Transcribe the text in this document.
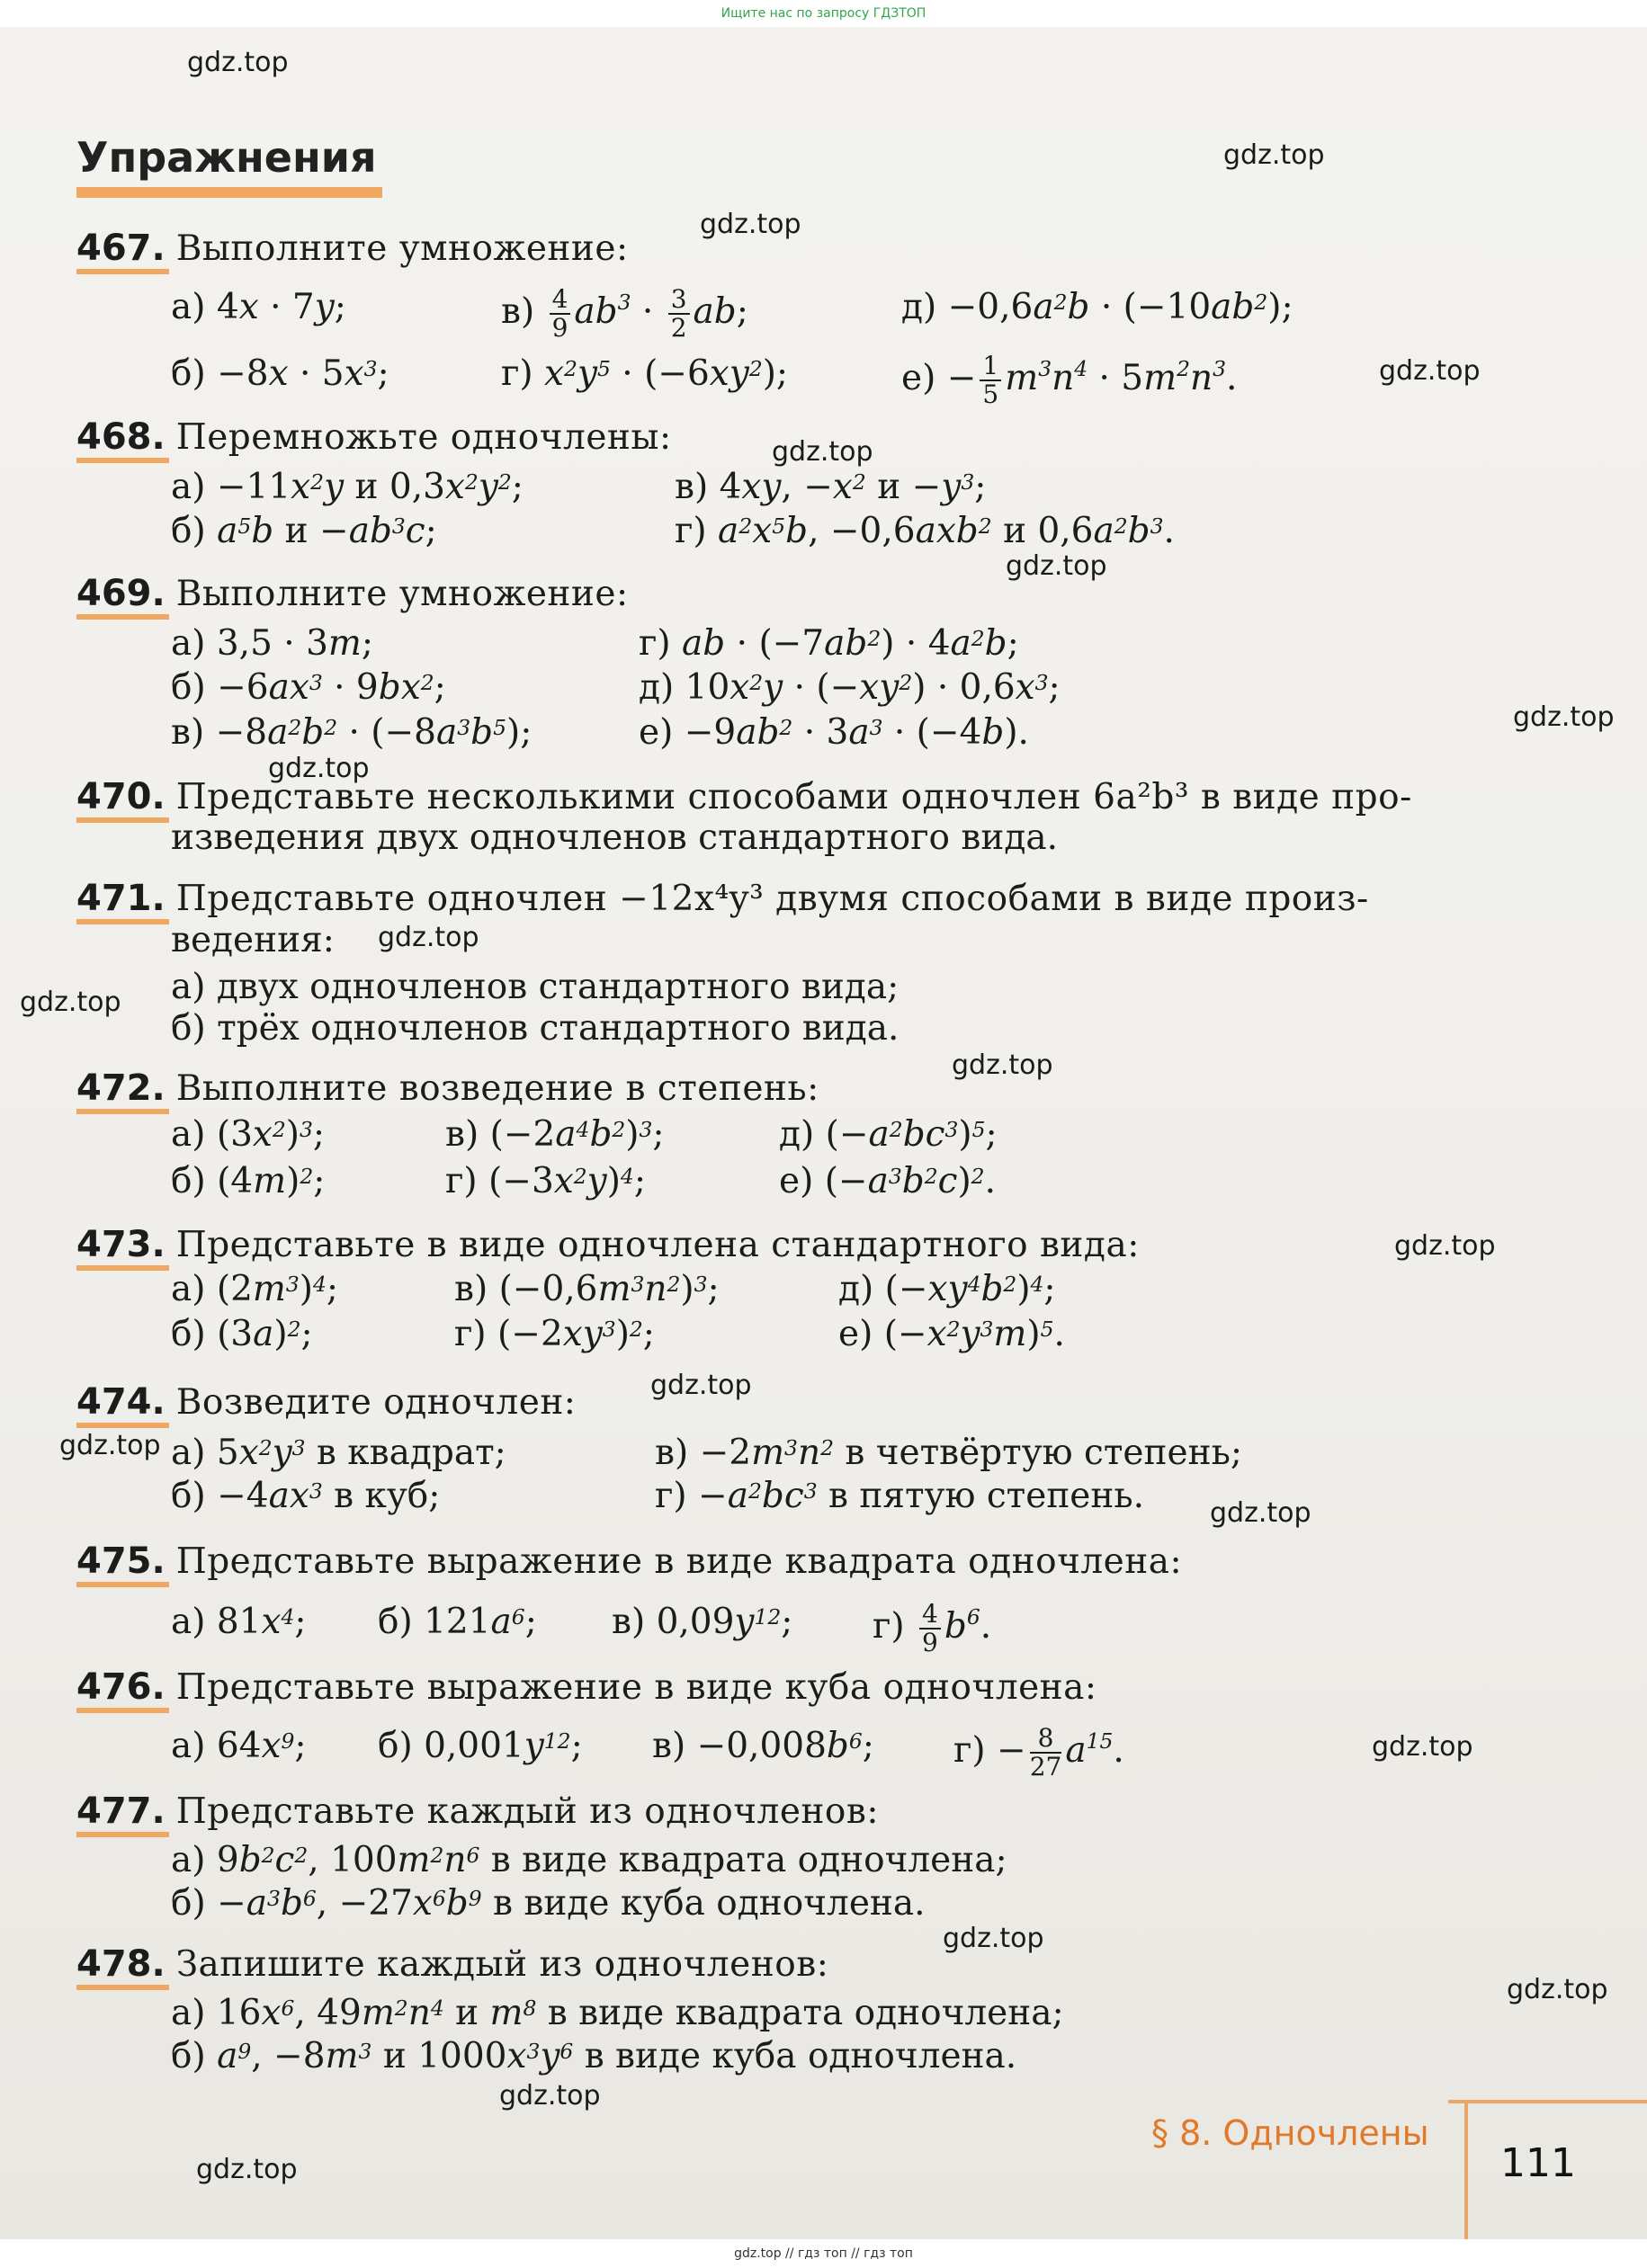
Ищите нас по запросу ГДЗТОП
gdz.top
gdz.top
gdz.top
gdz.top
gdz.top
gdz.top
gdz.top
gdz.top
gdz.top
gdz.top
gdz.top
gdz.top
gdz.top
gdz.top
gdz.top
gdz.top
gdz.top
gdz.top
gdz.top
gdz.top
Упражнения
467. Выполните умножение:
а) 4x · 7y;	$в) \frac{4}{9} ab^3 \cdot \frac{3}{2}$ ab;	$д) -0,6a^2b \cdot (-10ab^2)$;
$б) -8x \cdot 5x^3$;	г) $x^2y^5 \cdot (-6xy^2)$;	$е) - \frac{1}{5} m^3n^4 \cdot 5m^2n^3$.
468. Перемножьте одночлены:
$а) -11x^2y$ и $0,3x^2y^2$;	в) 4xy, $-x^2$ $и -y^3$;
б) $a^5b$ $и -ab^3c$;	г) $a^2x^5b$, −0,6axb$^2$ и $0,6a^2b^3$.
469. Выполните умножение:
а) 3,5 · 3m;	г) ab · $(-7ab^2) \cdot 4a^2b$;
$б) -6ax^3 \cdot 9bx^2$;	д) $10x^2y \cdot (-xy^2) \cdot 0,6x^3$;
$в) -8a^2b^2 \cdot (-8a^3b^5)$;	$е) -9ab^2 \cdot 3a^3 \cdot (-4b)$.
470. Представьте несколькими способами одночлен 6a²b³ в виде про-
изведения двух одночленов стандартного вида.
471. Представьте одночлен −12x⁴y³ двумя способами в виде произ-
ведения:
а) двух одночленов стандартного вида;
б) трёх одночленов стандартного вида.
472. Выполните возведение в степень:
а) $(3x^2)^3$;	в) $(-2a^4b^2)^3$;	д) $(-a^2bc^3)^5$;
б) $(4m)^2$;	г) $(-3x^2y)^4$;	е) $(-a^3b^2c)^2$.
473. Представьте в виде одночлена стандартного вида:
а) $(2m^3)^4$;	в) $(-0,6m^3n^2)^3$;	д) $(-xy^4b^2)^4$;
б) $(3a)^2$;	г) $(-2xy^3)^2$;	е) $(-x^2y^3m)^5$.
474. Возведите одночлен:
а) $5x^2y^3$ в квадрат;	$в) -2m^3n^2$ в четвёртую степень;
$б) -4ax^3$ в куб;	$г) -a^2bc^3$ в пятую степень.
475. Представьте выражение в виде квадрата одночлена:
а) $81x^4$; б) $121a^6$; в) $0,09y^{12}$; $г) \frac{4}{9} b^6$.
476. Представьте выражение в виде куба одночлена:
а) $64x^9$; б) $0,001y^{12}$; $в) -0,008b^6$; $г) - \frac{8}{27} a^{15}$.
477. Представьте каждый из одночленов:
а) $9b^2c^2$, $100m^2n^6$ в виде квадрата одночлена;
$б) -a^3b^6$, $-27x^6b^9$ в виде куба одночлена.
478. Запишите каждый из одночленов:
а) $16x^6$, $49m^2n^4$ и $m^8$ в виде квадрата одночлена;
б) $a^9$, $-8m^3$ и $1000x^3y^6$ в виде куба одночлена.
§ 8. Одночлены
111
gdz.top // гдз топ // гдз топ
